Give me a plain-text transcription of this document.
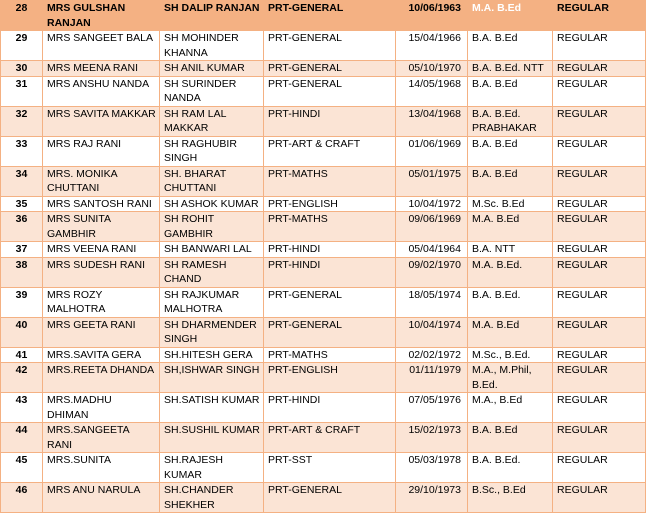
28	MRS GULSHAN RANJAN	SH DALIP RANJAN	PRT-GENERAL	10/06/1963	M.A. B.Ed	REGULAR
29	MRS SANGEET BALA	SH MOHINDER KHANNA	PRT-GENERAL	15/04/1966	B.A. B.Ed	REGULAR
30	MRS MEENA RANI	SH ANIL KUMAR	PRT-GENERAL	05/10/1970	B.A. B.Ed. NTT	REGULAR
31	MRS ANSHU NANDA	SH SURINDER NANDA	PRT-GENERAL	14/05/1968	B.A. B.Ed	REGULAR
32	MRS SAVITA MAKKAR	SH RAM LAL MAKKAR	PRT-HINDI	13/04/1968	B.A. B.Ed. PRABHAKAR	REGULAR
33	MRS RAJ RANI	SH RAGHUBIR SINGH	PRT-ART & CRAFT	01/06/1969	B.A. B.Ed	REGULAR
34	MRS. MONIKA CHUTTANI	SH. BHARAT CHUTTANI	PRT-MATHS	05/01/1975	B.A. B.Ed	REGULAR
35	MRS SANTOSH RANI	SH ASHOK KUMAR	PRT-ENGLISH	10/04/1972	M.Sc. B.Ed	REGULAR
36	MRS SUNITA GAMBHIR	SH ROHIT GAMBHIR	PRT-MATHS	09/06/1969	M.A. B.Ed	REGULAR
37	MRS VEENA RANI	SH BANWARI LAL	PRT-HINDI	05/04/1964	B.A. NTT	REGULAR
38	MRS SUDESH RANI	SH RAMESH CHAND	PRT-HINDI	09/02/1970	M.A. B.Ed.	REGULAR
39	MRS ROZY MALHOTRA	SH RAJKUMAR MALHOTRA	PRT-GENERAL	18/05/1974	B.A. B.Ed.	REGULAR
40	MRS GEETA RANI	SH DHARMENDER SINGH	PRT-GENERAL	10/04/1974	M.A. B.Ed	REGULAR
41	MRS.SAVITA GERA	SH.HITESH GERA	PRT-MATHS	02/02/1972	M.Sc., B.Ed.	REGULAR
42	MRS.REETA DHANDA	SH,ISHWAR SINGH	PRT-ENGLISH	01/11/1979	M.A., M.Phil, B.Ed.	REGULAR
43	MRS.MADHU DHIMAN	SH.SATISH KUMAR	PRT-HINDI	07/05/1976	M.A., B.Ed	REGULAR
44	MRS.SANGEETA RANI	SH.SUSHIL KUMAR	PRT-ART & CRAFT	15/02/1973	B.A. B.Ed	REGULAR
45	MRS.SUNITA	SH.RAJESH KUMAR	PRT-SST	05/03/1978	B.A. B.Ed.	REGULAR
46	MRS ANU NARULA	SH.CHANDER SHEKHER	PRT-GENERAL	29/10/1973	B.Sc., B.Ed	REGULAR
